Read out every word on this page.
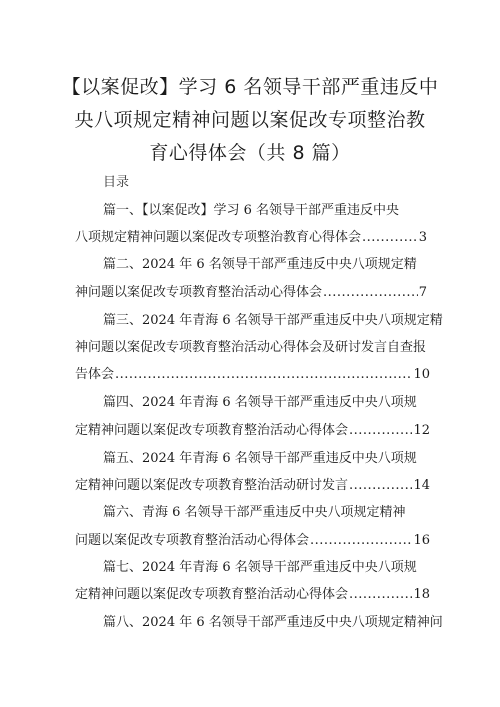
【以案促改】学习 6 名领导干部严重违反中
央八项规定精神问题以案促改专项整治教
育心得体会（共 8 篇）
目录
篇一、【以案促改】学习 6 名领导干部严重违反中央
八项规定精神问题以案促改专项整治教育心得体会 .....	3
篇二、2024 年 6 名领导干部严重违反中央八项规定精
神问题以案促改专项教育整治活动心得体会 .....	7
篇三、2024 年青海 6 名领导干部严重违反中央八项规定精
神问题以案促改专项教育整治活动心得体会及研讨发言自查报
告体会 .....	10
篇四、2024 年青海 6 名领导干部严重违反中央八项规
定精神问题以案促改专项教育整治活动心得体会 .....	12
篇五、2024 年青海 6 名领导干部严重违反中央八项规
定精神问题以案促改专项教育整治活动研讨发言 .....	14
篇六、青海 6 名领导干部严重违反中央八项规定精神
问题以案促改专项教育整治活动心得体会 .....	16
篇七、2024 年青海 6 名领导干部严重违反中央八项规
定精神问题以案促改专项教育整治活动心得体会 .....	18
篇八、2024 年 6 名领导干部严重违反中央八项规定精神问
